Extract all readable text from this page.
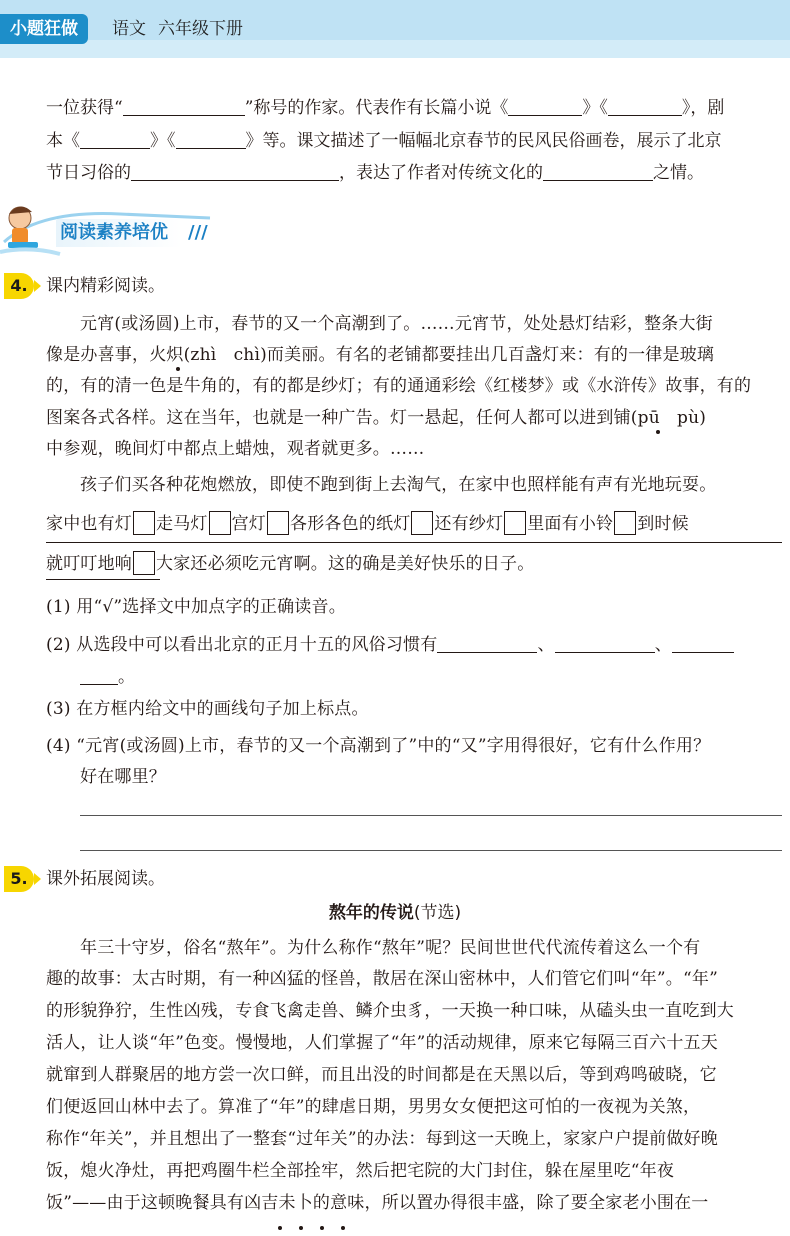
小题狂做	语文 六年级下册
一位获得“	”称号的作家。代表作有长篇小说《	》《	》，剧
本《	》《	》等。课文描述了一幅幅北京春节的民风民俗画卷，展示了北京
节日习俗的	，表达了作者对传统文化的	之情。
阅读素养培优	///
4.	课内精彩阅读。
元宵(或汤圆)上市，春节的又一个高潮到了。……元宵节，处处悬灯结彩，整条大街
像是办喜事，火炽(zhì　chì)而美丽。有名的老铺都要挂出几百盏灯来：有的一律是玻璃
的，有的清一色是牛角的，有的都是纱灯；有的通通彩绘《红楼梦》或《水浒传》故事，有的
图案各式各样。这在当年，也就是一种广告。灯一悬起，任何人都可以进到铺(pū　pù)
中参观，晚间灯中都点上蜡烛，观者就更多。……
孩子们买各种花炮燃放，即使不跑到街上去淘气，在家中也照样能有声有光地玩耍。
家中也有灯 走马灯 宫灯 各形各色的纸灯 还有纱灯 里面有小铃 到时候
就叮叮地响 大家还必须吃元宵啊。这的确是美好快乐的日子。
(1) 用“√”选择文中加点字的正确读音。
(2) 从选段中可以看出北京的正月十五的风俗习惯有	、	、
。
(3) 在方框内给文中的画线句子加上标点。
(4) “元宵(或汤圆)上市，春节的又一个高潮到了”中的“又”字用得很好，它有什么作用？
好在哪里？
5.	课外拓展阅读。
熬年的传说(节选)
年三十守岁，俗名“熬年”。为什么称作“熬年”呢？民间世世代代流传着这么一个有
趣的故事：太古时期，有一种凶猛的怪兽，散居在深山密林中，人们管它们叫“年”。“年”
的形貌狰狞，生性凶残，专食飞禽走兽、鳞介虫豸，一天换一种口味，从磕头虫一直吃到大
活人，让人谈“年”色变。慢慢地，人们掌握了“年”的活动规律，原来它每隔三百六十五天
就窜到人群聚居的地方尝一次口鲜，而且出没的时间都是在天黑以后，等到鸡鸣破晓，它
们便返回山林中去了。算准了“年”的肆虐日期，男男女女便把这可怕的一夜视为关煞，
称作“年关”，并且想出了一整套“过年关”的办法：每到这一天晚上，家家户户提前做好晚
饭，熄火净灶，再把鸡圈牛栏全部拴牢，然后把宅院的大门封住，躲在屋里吃“年夜
饭”——由于这顿晚餐具有凶吉未卜的意味，所以置办得很丰盛，除了要全家老小围在一
